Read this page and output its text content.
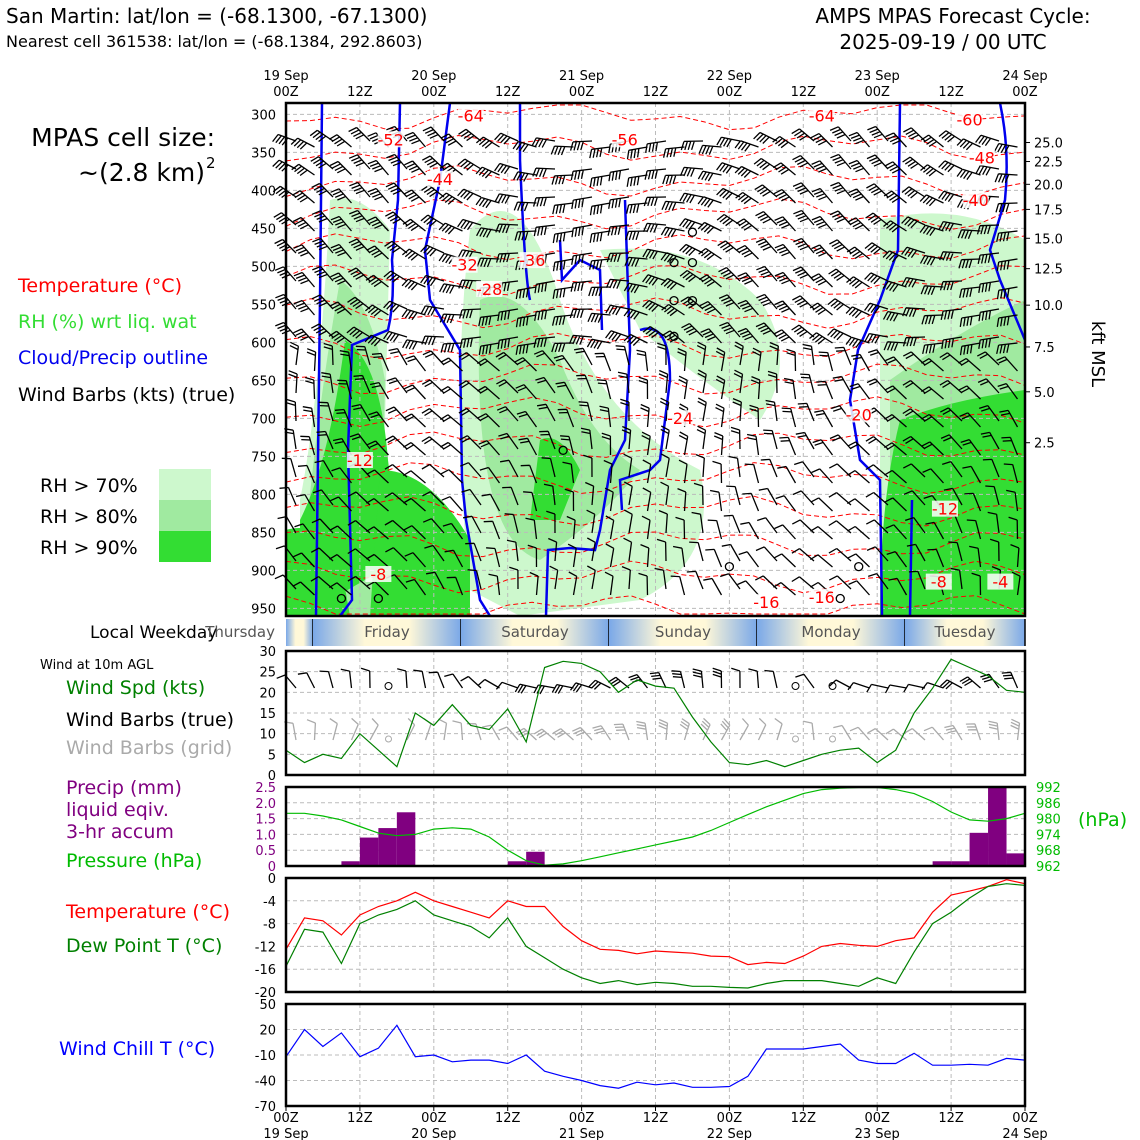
San Martin: lat/lon = (-68.1300, -67.1300)
Nearest cell 361538: lat/lon = (-68.1384, 292.8603)
AMPS MPAS Forecast Cycle:
2025-09-19 / 00 UTC
MPAS cell size:
~(2.8 km) 2
Temperature (°C)
RH (%) wrt liq. wat
Cloud/Precip outline
Wind Barbs (kts) (true)
RH > 70%
RH > 80%
RH > 90%
Local Weekday
Wind at 10m AGL
Wind Spd (kts)
Wind Barbs (true)
Wind Barbs (grid)
Precip (mm) liquid eqiv. 3-hr accum
Pressure (hPa)
(hPa)
Temperature (°C)
Dew Point T (°C)
Wind Chill T (°C)
kft MSL
300
350
400
450
500
550
600
650
700
750
800
850
900
950
-64	-64	-60
-52	-56
-48
-44
-40
-36
-32
-28
-24	-20
-12
-12
-8	-8
-16 -16
-4
25.0
22.5
20.0
17.5
15.0
12.5
10.0
7.5
5.0
2.5
Thursday	Friday	Saturday	Sunday	Monday	Tuesday
0
5
10
15
20
25
30
0
0.5
1.0
1.5
2.0
2.5
962
968
974
980
986
992
0
-4
-8
-12
-16
-20
50
20
-10
-40
-70
19 Sep
00Z	12Z
20 Sep
00Z	12Z
21 Sep
00Z	12Z
22 Sep
00Z	12Z
23 Sep
00Z	12Z
24 Sep
00Z
00Z
19 Sep
12Z	00Z
20 Sep
12Z	00Z
21 Sep
12Z	00Z
22 Sep
12Z	00Z
23 Sep
12Z	00Z
24 Sep
